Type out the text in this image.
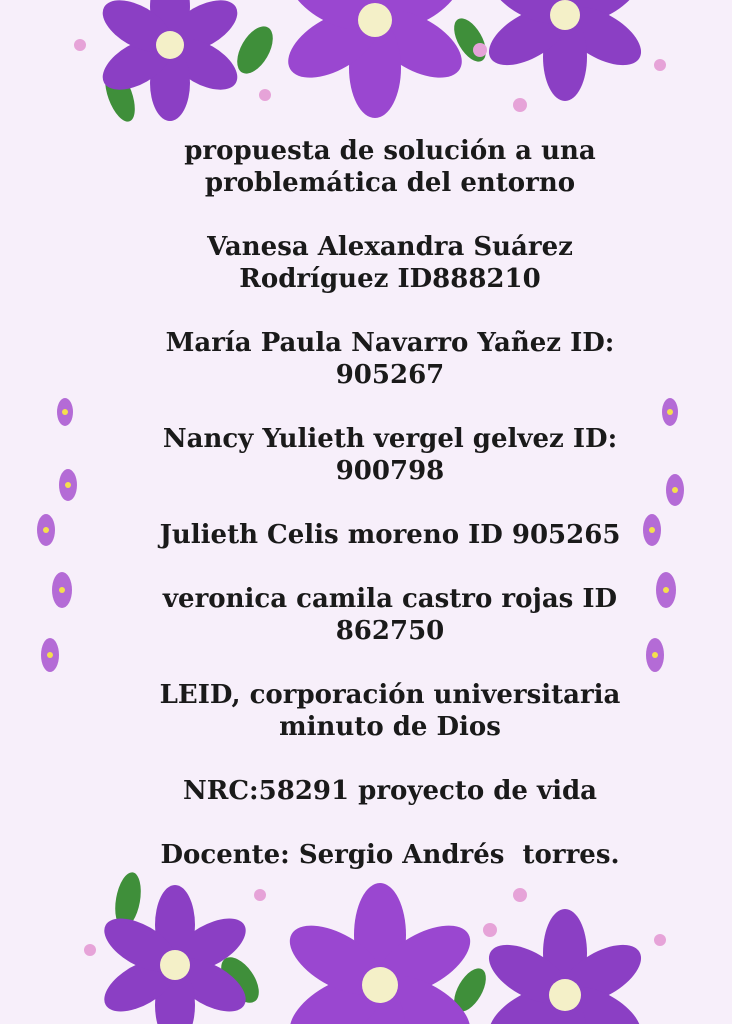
propuesta de solución a una
problemática del entorno
Vanesa Alexandra Suárez
Rodríguez ID888210
María Paula Navarro Yañez ID:
905267
Nancy Yulieth vergel gelvez ID:
900798
Julieth Celis moreno ID 905265
veronica camila castro rojas ID
862750
LEID, corporación universitaria
minuto de Dios
NRC:58291 proyecto de vida
Docente: Sergio Andrés  torres.
